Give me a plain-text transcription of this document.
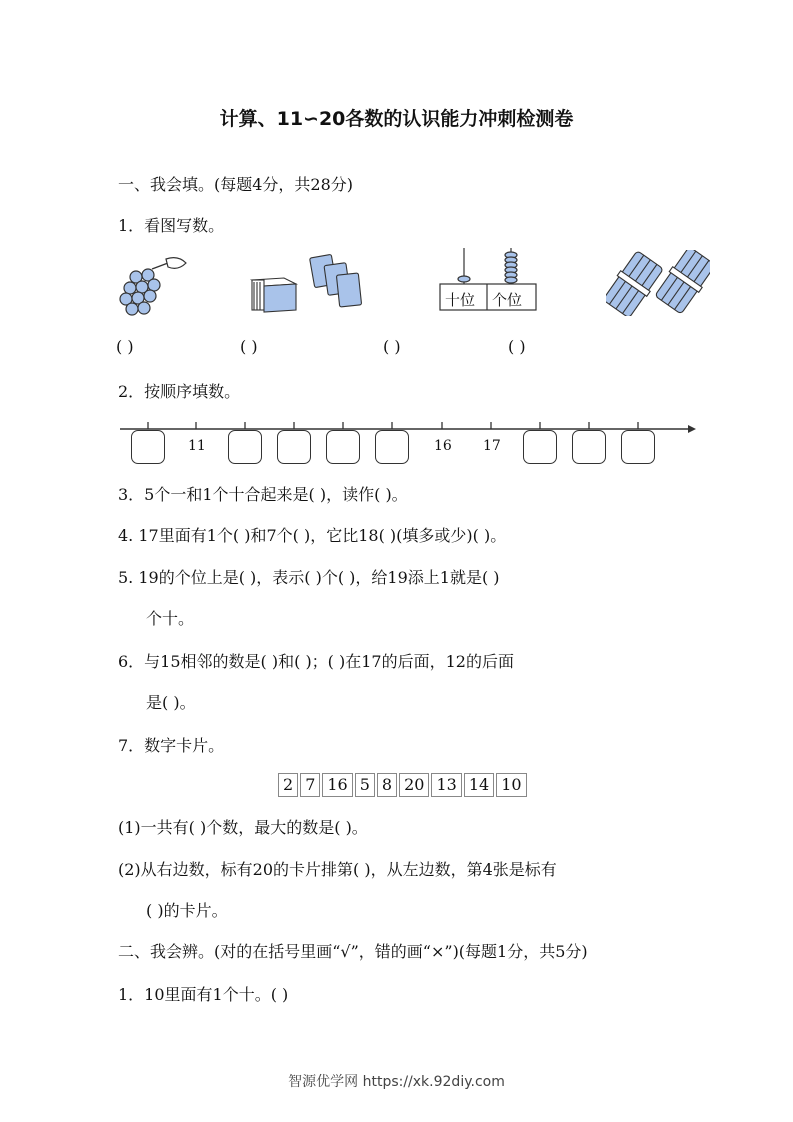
计算、11∽20各数的认识能力冲刺检测卷
一、我会填。(每题4分，共28分)
1．看图写数。
十位 个位
( )	( )	( )	( )
2．按顺序填数。
11	16 17
3．5个一和1个十合起来是( )，读作( )。
4. 17里面有1个( )和7个( )，它比18( )(填多或少)( )。
5. 19的个位上是( )，表示( )个( )，给19添上1就是( )
个十。
6．与15相邻的数是( )和( )；( )在17的后面，12的后面
是( )。
7．数字卡片。
2 7 16 5 8 20 13 14 10
(1)一共有( )个数，最大的数是( )。
(2)从右边数，标有20的卡片排第( )，从左边数，第4张是标有
( )的卡片。
二、我会辨。(对的在括号里画“√”，错的画“×”)(每题1分，共5分)
1．10里面有1个十。( )
智源优学网 https://xk.92diy.com
